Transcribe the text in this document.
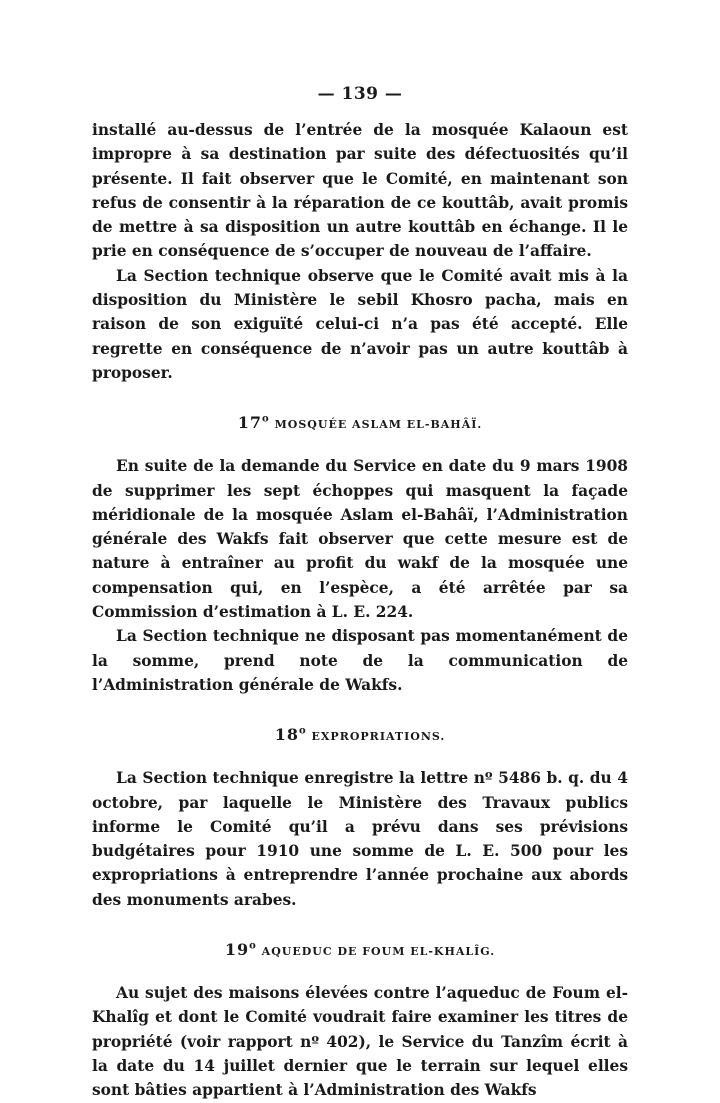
— 139 —

installé au-dessus de l’entrée de la mosquée Kalaoun est impropre à sa destination par suite des défectuosités qu’il présente. Il fait observer que le Comité, en maintenant son refus de consentir à la réparation de ce kouttâb, avait promis de mettre à sa disposition un autre kouttâb en échange. Il le prie en conséquence de s’occuper de nouveau de l’affaire.

La Section technique observe que le Comité avait mis à la disposition du Ministère le sebil Khosro pacha, mais en raison de son exiguïté celui-ci n’a pas été accepté. Elle regrette en conséquence de n’avoir pas un autre kouttâb à proposer.

17$^o$ MOSQUÉE ASLAM EL-BAHÂÏ.

En suite de la demande du Service en date du 9 mars 1908 de supprimer les sept échoppes qui masquent la façade méridionale de la mosquée Aslam el-Bahâï, l’Administration générale des Wakfs fait observer que cette mesure est de nature à entraîner au profit du wakf de la mosquée une compensation qui, en l’espèce, a été arrêtée par sa Commission d’estimation à L. E. 224.

La Section technique ne disposant pas momentanément de la somme, prend note de la communication de l’Administration générale de Wakfs.

18$^o$ EXPROPRIATIONS.

La Section technique enregistre la lettre nº 5486 b. q. du 4 octobre, par laquelle le Ministère des Travaux publics informe le Comité qu’il a prévu dans ses prévisions budgétaires pour 1910 une somme de L. E. 500 pour les expropriations à entreprendre l’année prochaine aux abords des monuments arabes.

19$^o$ AQUEDUC DE FOUM EL-KHALÎG.

Au sujet des maisons élevées contre l’aqueduc de Foum el-Khalîg et dont le Comité voudrait faire examiner les titres de propriété (voir rapport nº 402), le Service du Tanzîm écrit à la date du 14 juillet dernier que le terrain sur lequel elles sont bâties appartient à l’Administration des Wakfs
